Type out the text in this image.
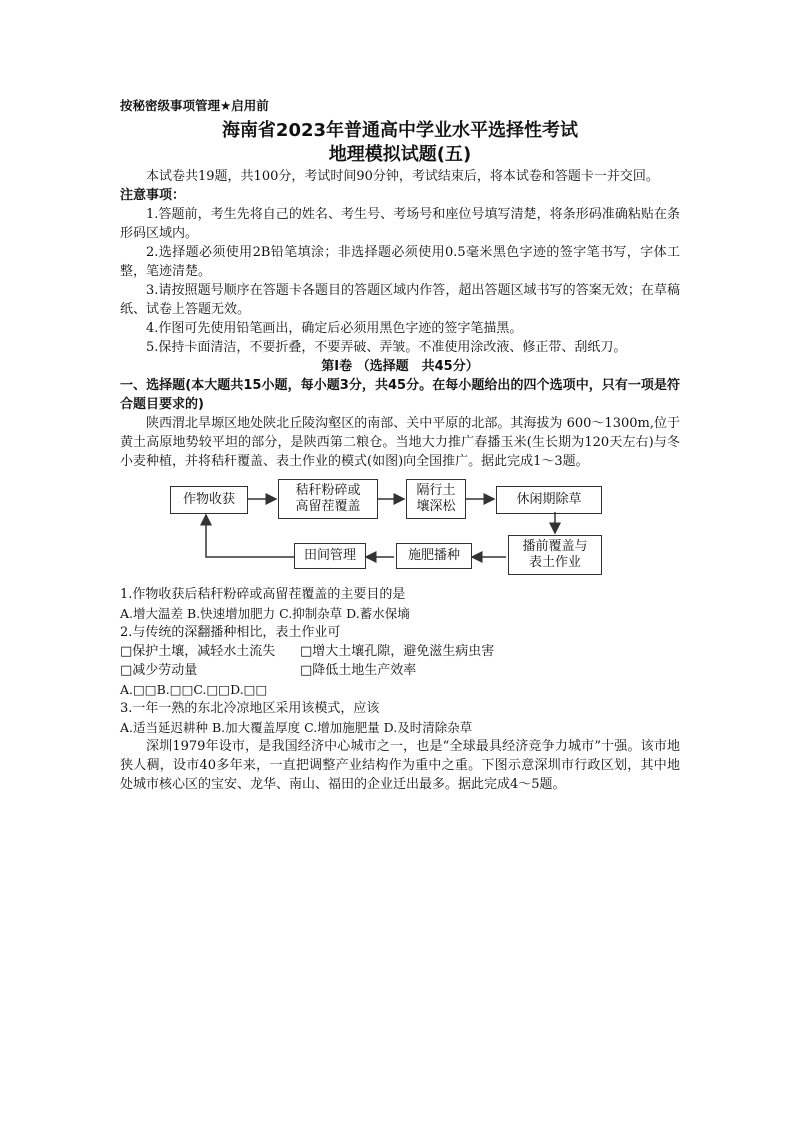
按秘密级事项管理★启用前

海南省2023年普通高中学业水平选择性考试
地理模拟试题(五)

本试卷共19题，共100分，考试时间90分钟，考试结束后，将本试卷和答题卡一并交回。

注意事项：

1.答题前，考生先将自己的姓名、考生号、考场号和座位号填写清楚，将条形码准确粘贴在条形码区域内。

2.选择题必须使用2B铅笔填涂；非选择题必须使用0.5毫米黑色字迹的签字笔书写，字体工整，笔迹清楚。

3.请按照题号顺序在答题卡各题目的答题区域内作答，超出答题区域书写的答案无效；在草稿纸、试卷上答题无效。

4.作图可先使用铅笔画出，确定后必须用黑色字迹的签字笔描黑。

5.保持卡面清洁，不要折叠，不要弄破、弄皱。不准使用涂改液、修正带、刮纸刀。

第Ⅰ卷 （选择题　共45分）

一、选择题(本大题共15小题，每小题3分，共45分。在每小题给出的四个选项中，只有一项是符合题目要求的)

陕西渭北旱塬区地处陕北丘陵沟壑区的南部、关中平原的北部。其海拔为 600～1300m,位于黄土高原地势较平坦的部分，是陕西第二粮仓。当地大力推广春播玉米(生长期为120天左右)与冬小麦种植，并将秸秆覆盖、表土作业的模式(如图)向全国推广。据此完成1～3题。

作物收获
秸秆粉碎或
高留茬覆盖
隔行土
壤深松	休闲期除草
播前覆盖与
表土作业
施肥播种
田间管理

1.作物收获后秸秆粉碎或高留茬覆盖的主要目的是

A.增大温差 B.快速增加肥力 C.抑制杂草 D.蓄水保墒

2.与传统的深翻播种相比，表土作业可

□保护土壤，减轻水土流失	□增大土壤孔隙，避免滋生病虫害
□减少劳动量	□降低土地生产效率

A.□□B.□□C.□□D.□□

3.一年一熟的东北冷凉地区采用该模式，应该

A.适当延迟耕种 B.加大覆盖厚度 C.增加施肥量 D.及时清除杂草

深圳1979年设市，是我国经济中心城市之一，也是“全球最具经济竞争力城市”十强。该市地狭人稠，设市40多年来，一直把调整产业结构作为重中之重。下图示意深圳市行政区划，其中地处城市核心区的宝安、龙华、南山、福田的企业迁出最多。据此完成4～5题。
